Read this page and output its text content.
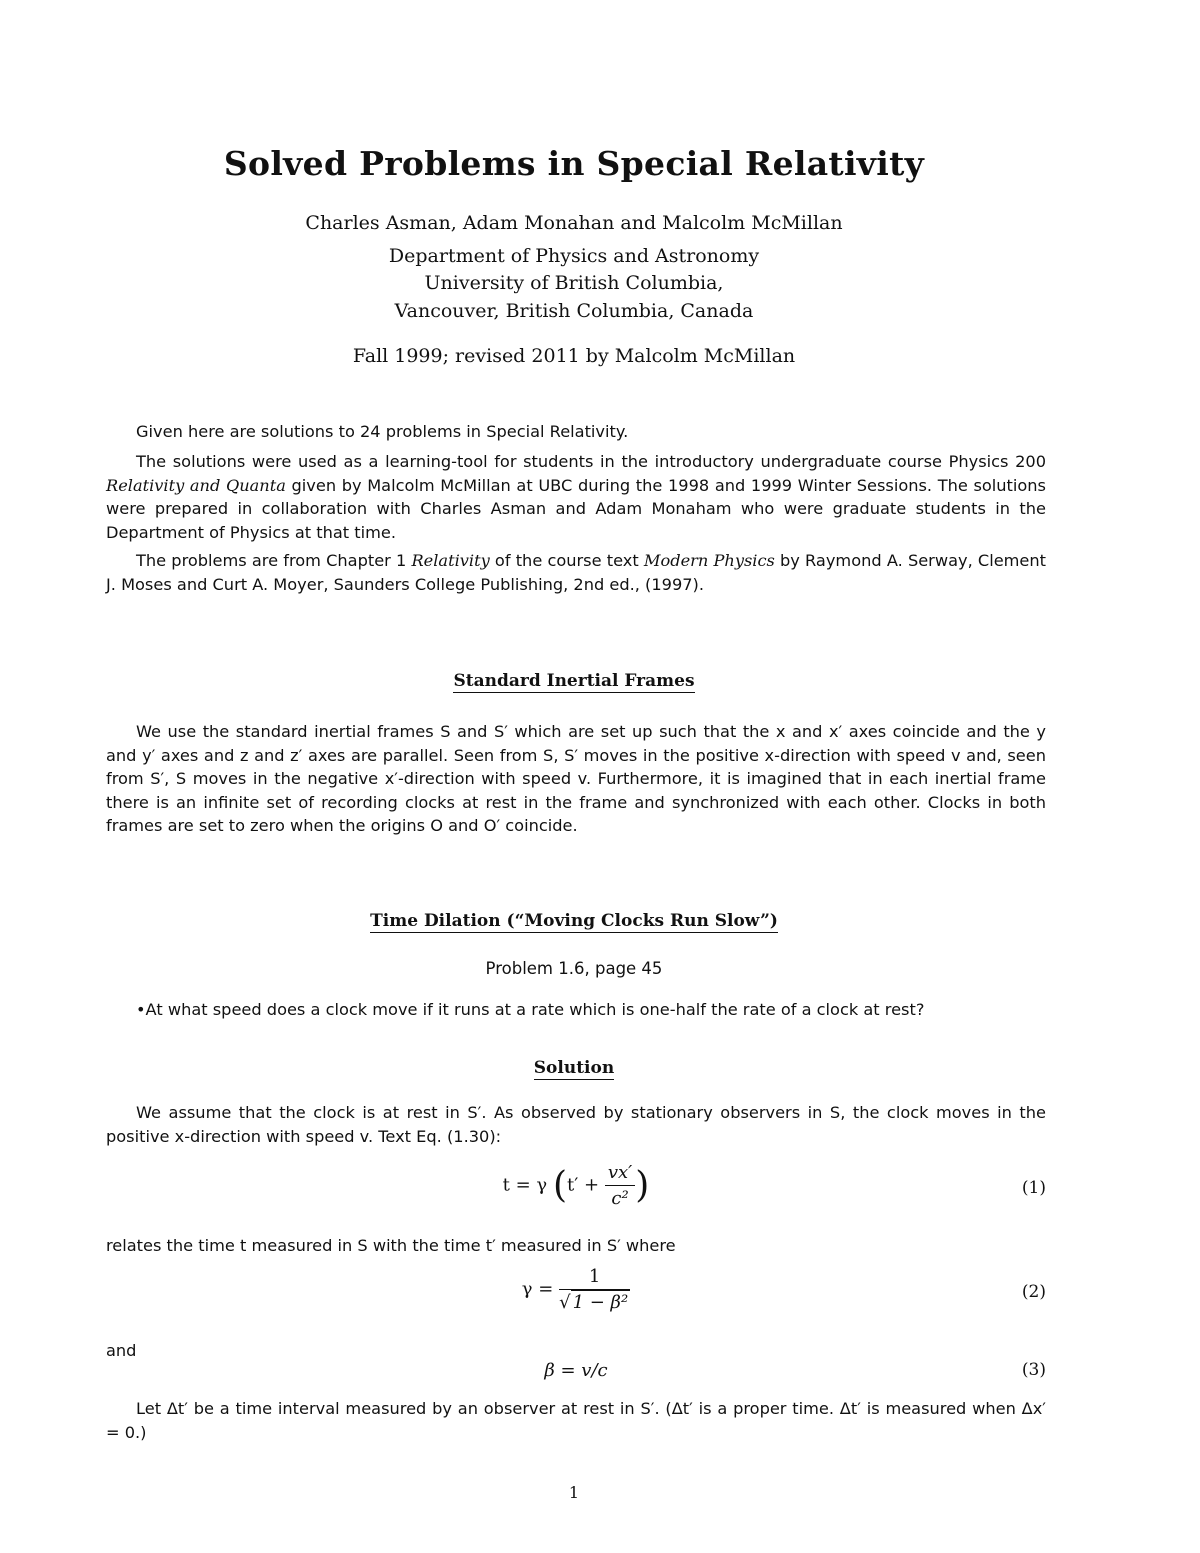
Solved Problems in Special Relativity
Charles Asman, Adam Monahan and Malcolm McMillan
Department of Physics and Astronomy
University of British Columbia,
Vancouver, British Columbia, Canada
Fall 1999; revised 2011 by Malcolm McMillan
Given here are solutions to 24 problems in Special Relativity.
The solutions were used as a learning-tool for students in the introductory undergraduate course Physics 200 Relativity and Quanta given by Malcolm McMillan at UBC during the 1998 and 1999 Winter Sessions. The solutions were prepared in collaboration with Charles Asman and Adam Monaham who were graduate students in the Department of Physics at that time.
The problems are from Chapter 1 Relativity of the course text Modern Physics by Raymond A. Serway, Clement J. Moses and Curt A. Moyer, Saunders College Publishing, 2nd ed., (1997).
Standard Inertial Frames
We use the standard inertial frames S and S′ which are set up such that the x and x′ axes coincide and the y and y′ axes and z and z′ axes are parallel. Seen from S, S′ moves in the positive x-direction with speed v and, seen from S′, S moves in the negative x′-direction with speed v. Furthermore, it is imagined that in each inertial frame there is an infinite set of recording clocks at rest in the frame and synchronized with each other. Clocks in both frames are set to zero when the origins O and O′ coincide.
Time Dilation (“Moving Clocks Run Slow”)
Problem 1.6, page 45
•At what speed does a clock move if it runs at a rate which is one-half the rate of a clock at rest?
Solution
We assume that the clock is at rest in S′. As observed by stationary observers in S, the clock moves in the positive x-direction with speed v. Text Eq. (1.30):
t = γ ($t' + \frac{vx'}{\text{c²}}$ )	(1)
relates the time t measured in S with the time t′ measured in S′ where
$\gamma = \frac{1}{\text{√ 1 − β²}}$	(2)
and
β = v/c	(3)
Let Δt′ be a time interval measured by an observer at rest in S′. (Δt′ is a proper time. Δt′ is measured when Δx′ = 0.)
1
